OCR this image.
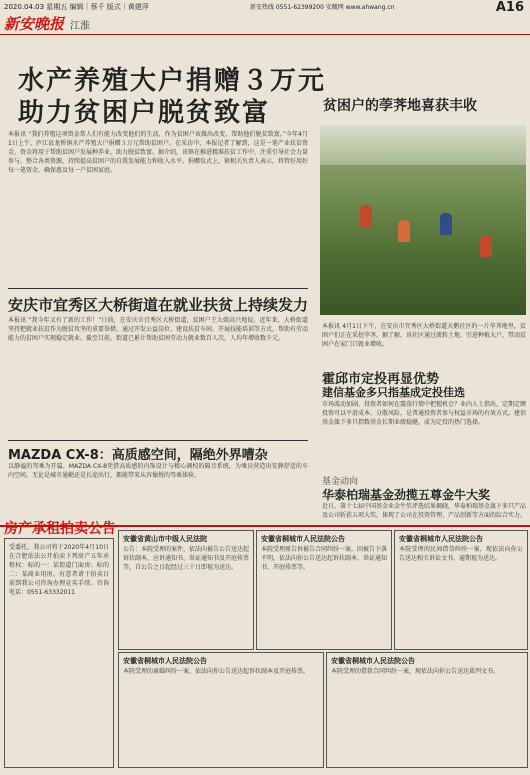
2020.04.03 星期五 编辑｜蔡千 版式｜黄建萍	新安热线 0551-62399200 安徽网 www.ahwang.cn	A16
新安晚报 江淮
水产养殖大户捐赠３万元
助力贫困户脱贫致富
本报讯 “我们养殖这项资金帮人们有能力改变他们的生活，作为贫困户该做出改变，帮助他们脱贫致富。”今年4月1日上午，庐江县龙桥镇水产养殖大户捐赠３万元帮助贫困户。在采访中，本报记者了解到，这是一笔产业扶贫资金，资金将用于帮助贫困户发展种养业，助力脱贫致富。据介绍，该镇在推进精准扶贫工作中，注重引导社会力量参与，整合各类资源，持续提高贫困户的自我发展能力和收入水平。捐赠仪式上，镇相关负责人表示，将管好用好每一笔资金，确保惠及每一户贫困家庭。
贫困户的荸荠地喜获丰收
本报讯 4月1日下午，在安庆市宜秀区大桥街道天鹅社区的一片荸荠地里，贫困户们正在采挖荸荠。据了解，该社区通过流转土地、引进种植大户，带动贫困户在家门口就业增收。
安庆市宜秀区大桥街道在就业扶贫上持续发力
本报讯 “我今年又有了新的工作！”日前，在安庆市宜秀区大桥街道，贫困户王大姐高兴地说。近年来，大桥街道坚持把就业扶贫作为脱贫攻坚的重要举措，通过开发公益岗位、建设扶贫车间、开展技能培训等方式，帮助有劳动能力的贫困户实现稳定就业。截至目前，街道已累计帮助贫困劳动力就业数百人次，人均年增收数千元。
霍邱市定投再显优势
建信基金多只指基成定投佳选
市场波动加剧，投资者如何在震荡行情中把握机会？业内人士指出，定期定额投资可以平滑成本、分散风险，是普通投资者参与权益市场的有效方式。建信基金旗下多只指数基金长期业绩稳健，成为定投的热门选择。
基金动向
华泰柏瑞基金劲揽五尊金牛大奖
近日，第十七届中国基金业金牛奖评选结果揭晓，华泰柏瑞基金旗下多只产品及公司斩获五项大奖，体现了公司在投资管理、产品创新等方面的综合实力。
MAZDA CX-8：高质感空间，隔绝外界嘈杂
以静谧的驾乘为开篇，MAZDA CX-8凭借高质感的内饰设计与精心调校的隔音系统，为乘员营造出安静舒适的车内空间。无论是城市通勤还是长途出行，都能带来从容愉悦的驾乘体验。
房产承租拍卖公告
受委托，我公司将于2020年4月10日在合肥依法公开拍卖下列房产五年承租权：标的一：某街道门面房；标的二：某商业用房。有意者请于拍卖日前到我公司咨询办理竞买手续。咨询电话：0551-63332011
安徽省黄山市中级人民法院
公告：本院受理的案件，依法向被告公告送达起诉状副本、应诉通知书、举证通知书及开庭传票等，自公告之日起经过三十日即视为送达。
安徽省桐城市人民法院公告
本院受理原告诉被告合同纠纷一案，因被告下落不明，依法向你公告送达起诉状副本、举证通知书、开庭传票等。
安徽省桐城市人民法院公告
本院受理的民间借贷纠纷一案，现依法向你公告送达相关诉讼文书，逾期视为送达。
安徽省桐城市人民法院公告
本院受理的离婚纠纷一案，依法向你公告送达起诉状副本及开庭传票。
安徽省桐城市人民法院公告
本院受理的借款合同纠纷一案，现依法向你公告送达裁判文书。
